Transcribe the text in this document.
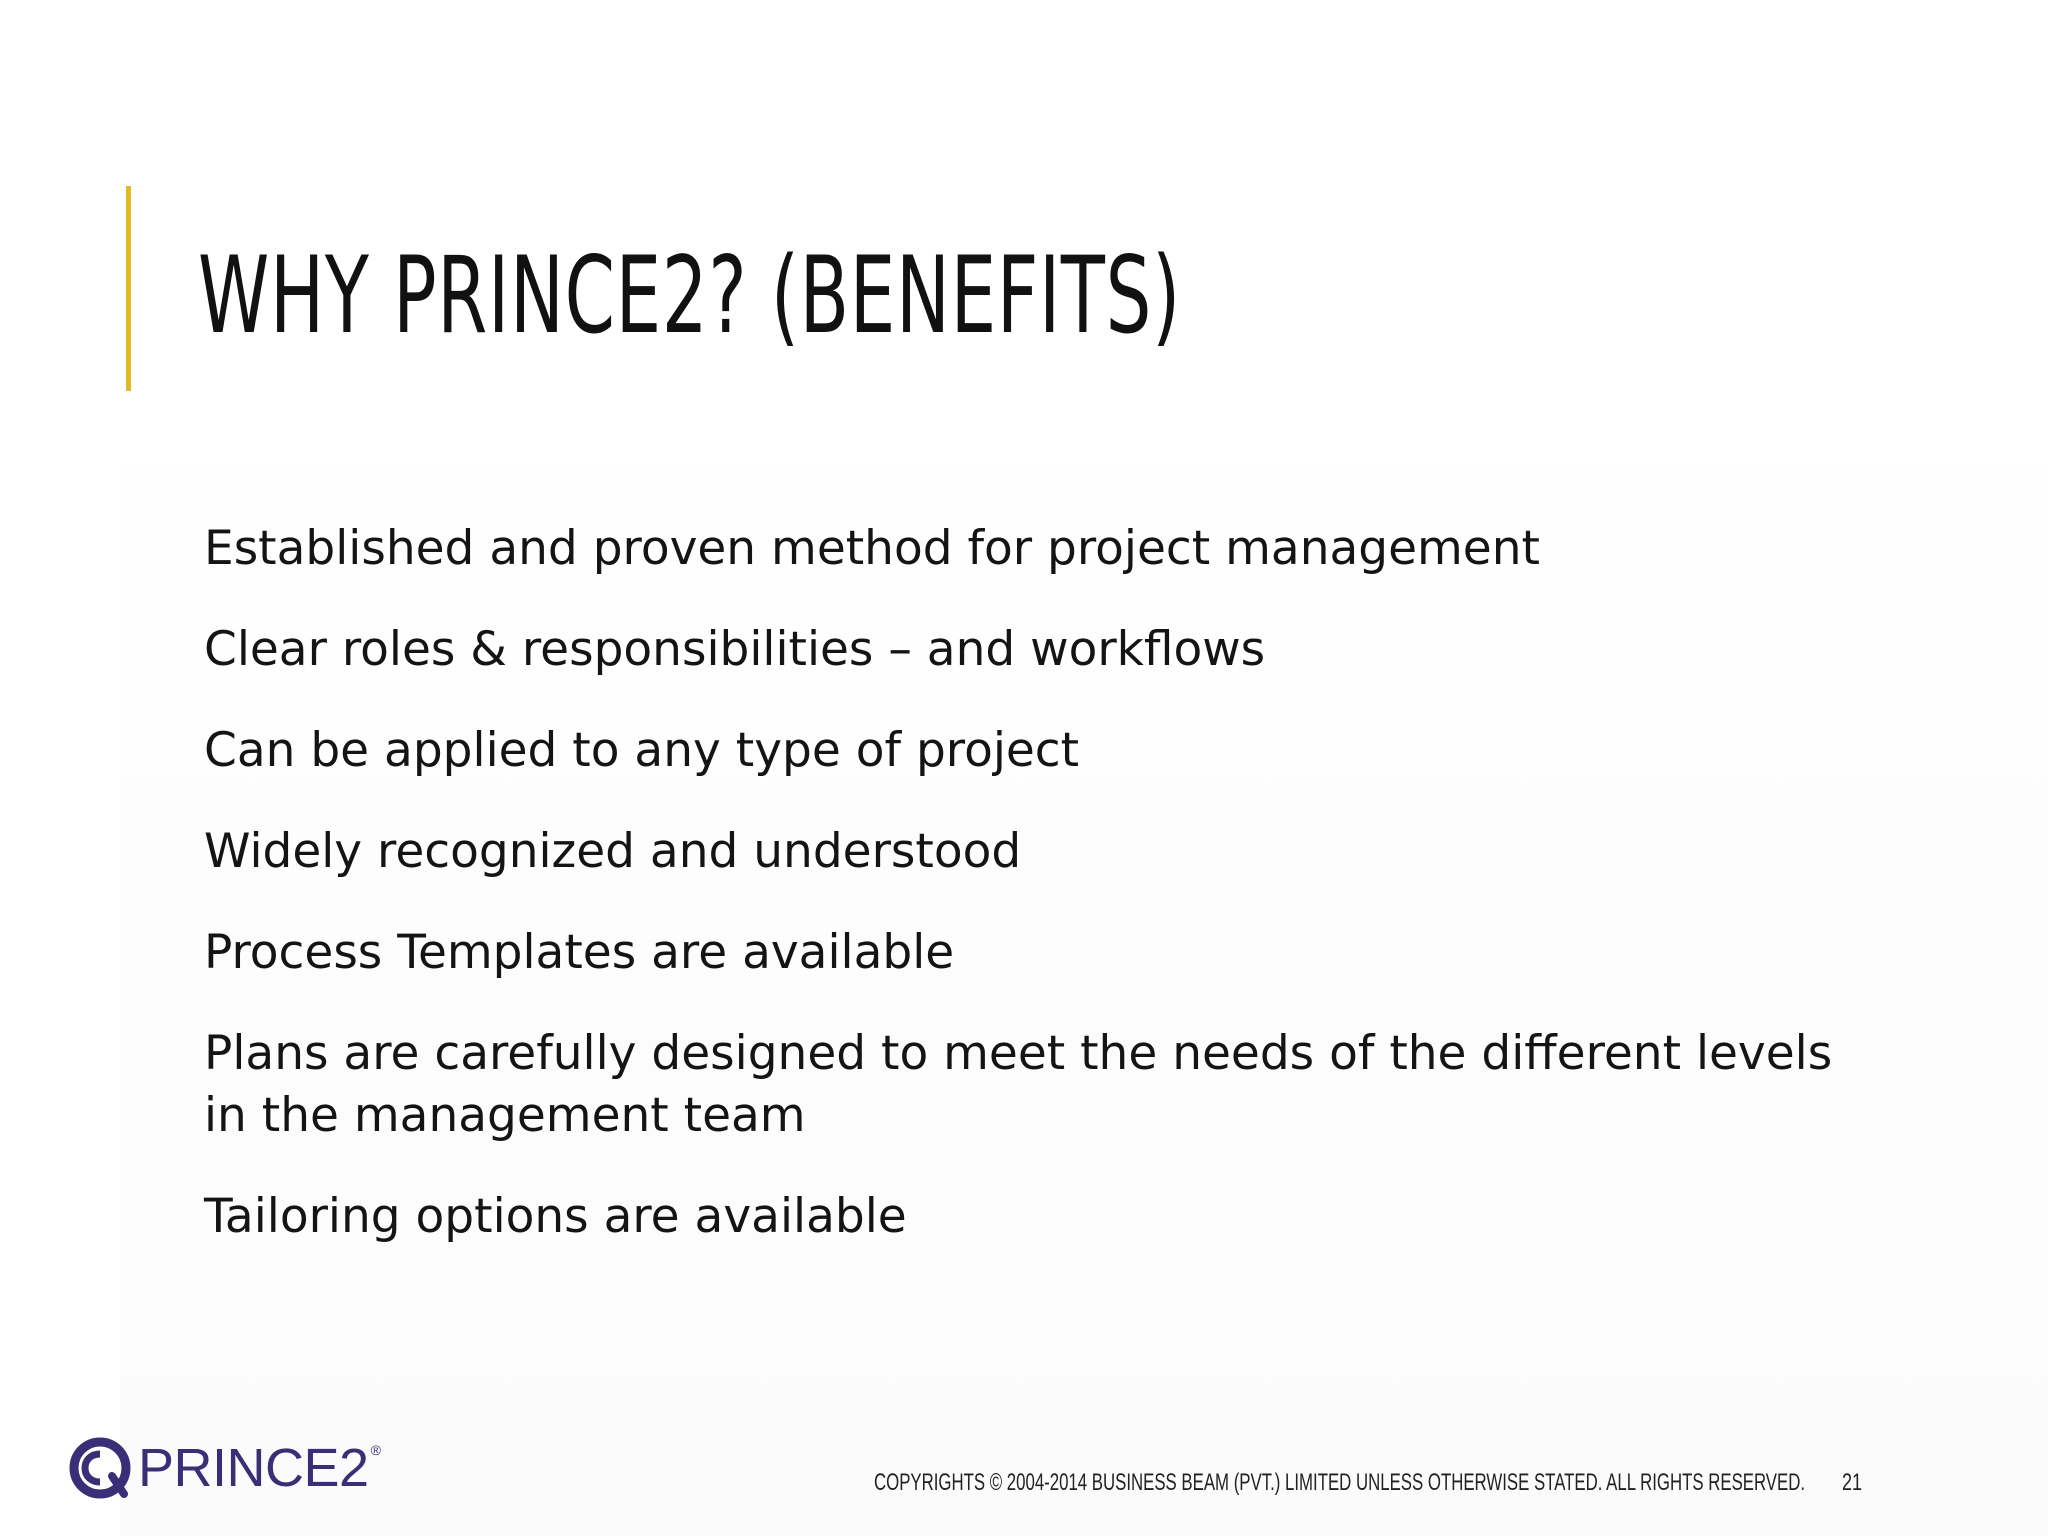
WHY PRINCE2? (BENEFITS)
Established and proven method for project management
Clear roles & responsibilities – and workflows
Can be applied to any type of project
Widely recognized and understood
Process Templates are available
Plans are carefully designed to meet the needs of the different levels in the management team
Tailoring options are available
PRINCE2 ®
COPYRIGHTS © 2004-2014 BUSINESS BEAM (PVT.) LIMITED UNLESS OTHERWISE STATED. ALL RIGHTS RESERVED. 21
